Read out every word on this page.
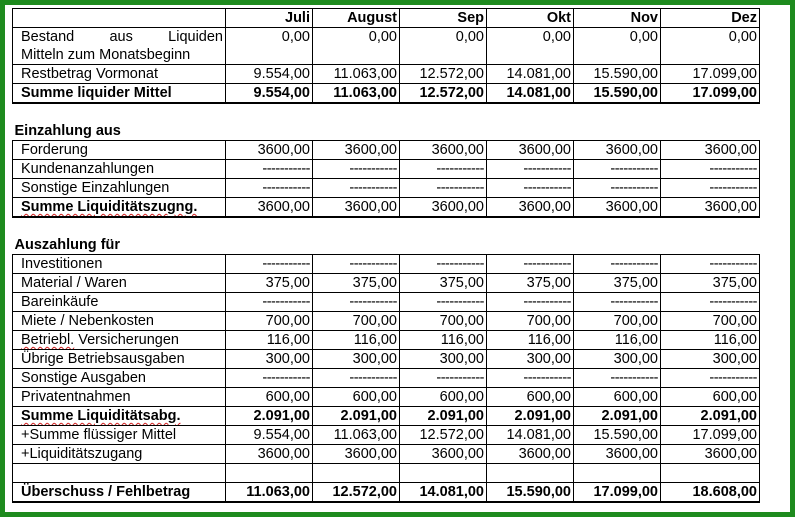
	Juli	August	Sep	Okt	Nov	Dez

Bestand aus Liquiden
Mitteln zum Monatsbeginn	0,00	0,00	0,00	0,00	0,00	0,00
Restbetrag Vormonat	9.554,00	11.063,00	12.572,00	14.081,00	15.590,00	17.099,00
Summe liquider Mittel	9.554,00	11.063,00	12.572,00	14.081,00	15.590,00	17.099,00

Einzahlung aus						
Forderung	3600,00	3600,00	3600,00	3600,00	3600,00	3600,00
Kundenanzahlungen	-----------	-----------	-----------	-----------	-----------	-----------
Sonstige Einzahlungen	-----------	-----------	-----------	-----------	-----------	-----------
Summe Liquiditätszugng.	3600,00	3600,00	3600,00	3600,00	3600,00	3600,00

Auszahlung für						
Investitionen	-----------	-----------	-----------	-----------	-----------	-----------
Material / Waren	375,00	375,00	375,00	375,00	375,00	375,00
Bareinkäufe	-----------	-----------	-----------	-----------	-----------	-----------
Miete / Nebenkosten	700,00	700,00	700,00	700,00	700,00	700,00
Betriebl. Versicherungen	116,00	116,00	116,00	116,00	116,00	116,00
Übrige Betriebsausgaben	300,00	300,00	300,00	300,00	300,00	300,00
Sonstige Ausgaben	-----------	-----------	-----------	-----------	-----------	-----------
Privatentnahmen	600,00	600,00	600,00	600,00	600,00	600,00
Summe Liquiditätsabg.	2.091,00	2.091,00	2.091,00	2.091,00	2.091,00	2.091,00
+Summe flüssiger Mittel	9.554,00	11.063,00	12.572,00	14.081,00	15.590,00	17.099,00
+Liquiditätszugang	3600,00	3600,00	3600,00	3600,00	3600,00	3600,00

Überschuss / Fehlbetrag	11.063,00	12.572,00	14.081,00	15.590,00	17.099,00	18.608,00
